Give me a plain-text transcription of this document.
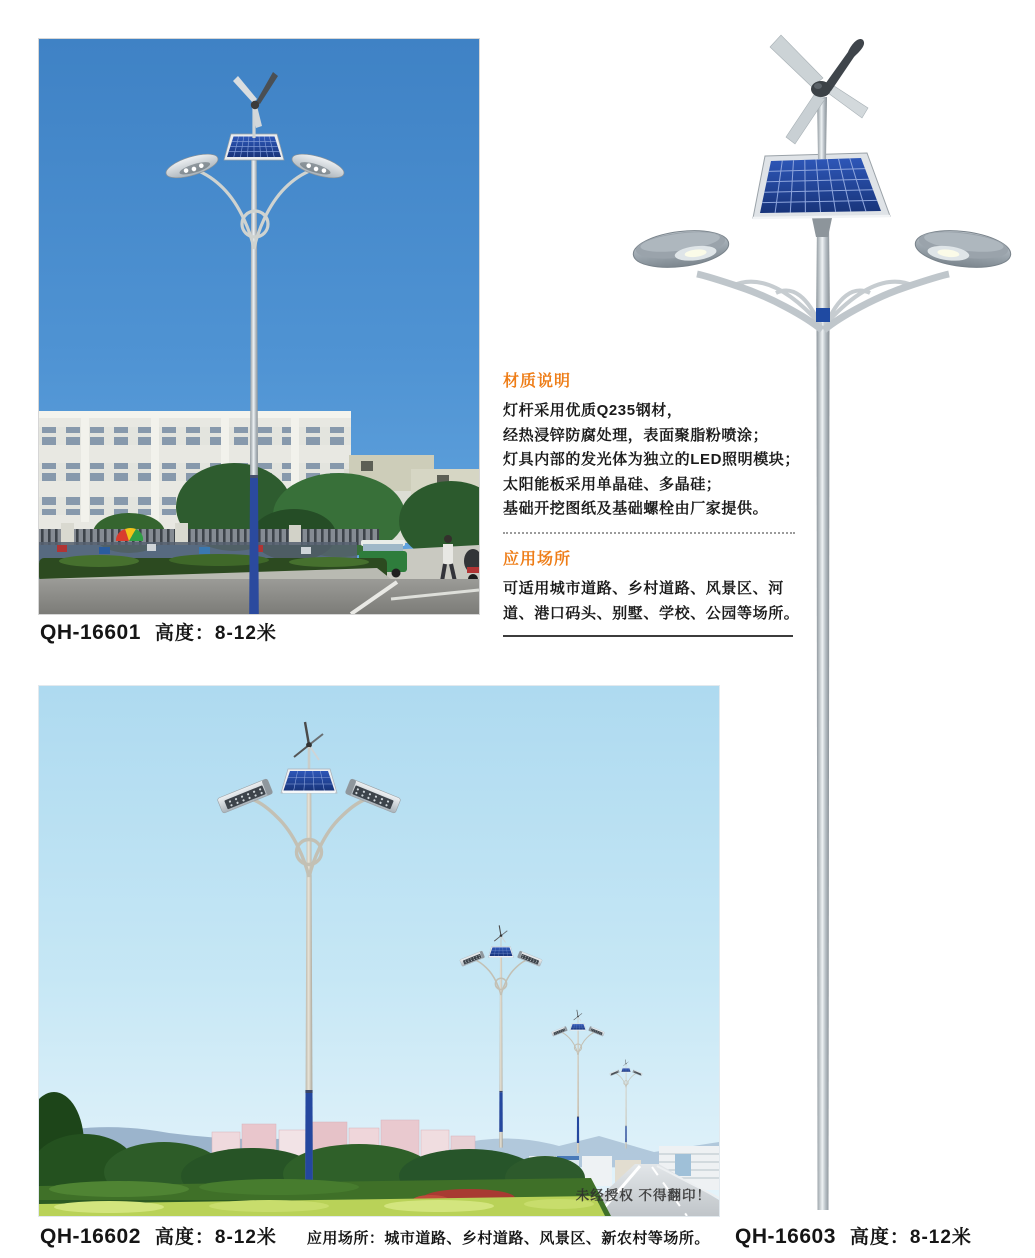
QH-16601 高度：8-12米
材质说明
灯杆采用优质Q235钢材，
经热浸锌防腐处理，表面聚脂粉喷涂；
灯具内部的发光体为独立的LED照明模块；
太阳能板采用单晶硅、多晶硅；
基础开挖图纸及基础螺栓由厂家提供。
应用场所
可适用城市道路、乡村道路、风景区、河
道、港口码头、别墅、学校、公园等场所。
未经授权 不得翻印！
QH-16602 高度：8-12米 应用场所：城市道路、乡村道路、风景区、新农村等场所。 QH-16603 高度：8-12米
